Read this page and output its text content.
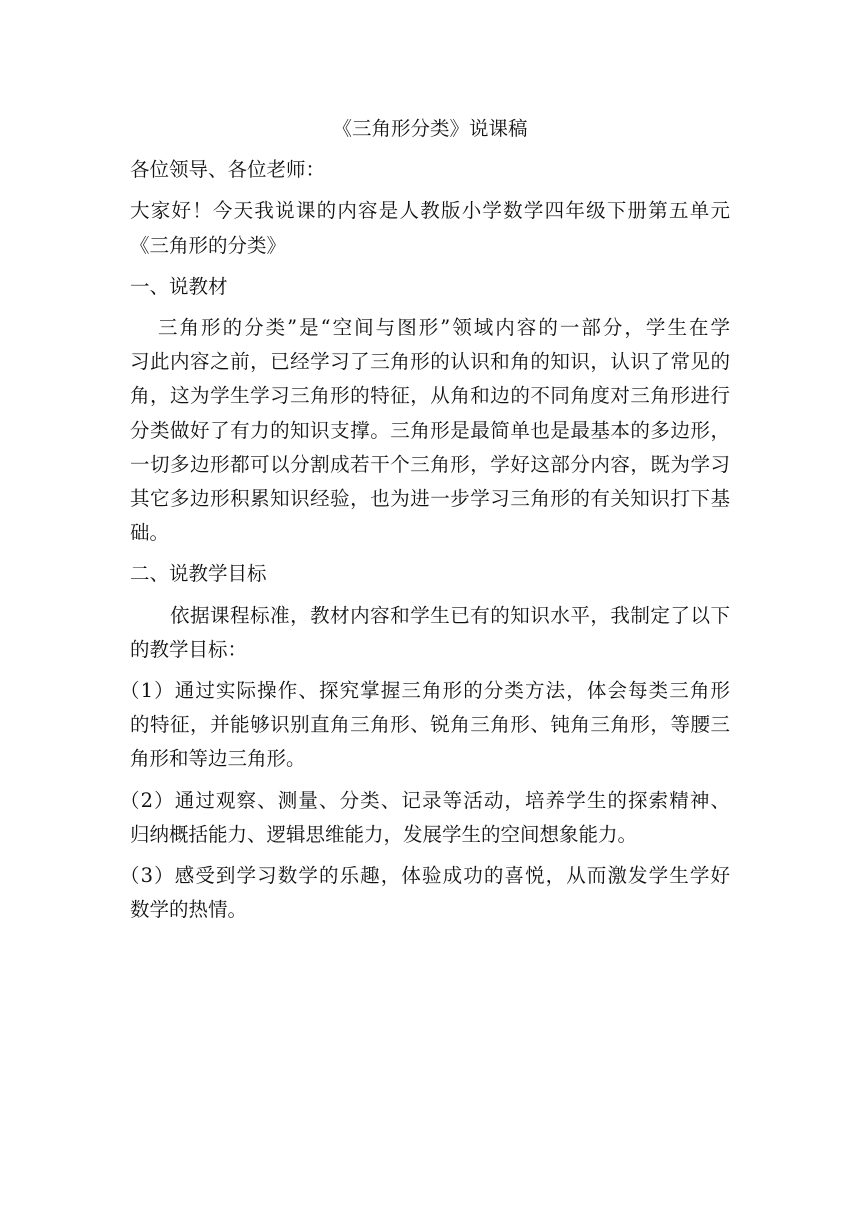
《三角形分类》说课稿
各位领导、各位老师：
大家好！今天我说课的内容是人教版小学数学四年级下册第五单元
《三角形的分类》
一、说教材
三角形的分类”是“空间与图形”领域内容的一部分，学生在学
习此内容之前，已经学习了三角形的认识和角的知识，认识了常见的
角，这为学生学习三角形的特征，从角和边的不同角度对三角形进行
分类做好了有力的知识支撑。三角形是最简单也是最基本的多边形，
一切多边形都可以分割成若干个三角形，学好这部分内容，既为学习
其它多边形积累知识经验，也为进一步学习三角形的有关知识打下基
础。
二、说教学目标
依据课程标准，教材内容和学生已有的知识水平，我制定了以下
的教学目标：
（1）通过实际操作、探究掌握三角形的分类方法，体会每类三角形
的特征，并能够识别直角三角形、锐角三角形、钝角三角形，等腰三
角形和等边三角形。
（2）通过观察、测量、分类、记录等活动，培养学生的探索精神、
归纳概括能力、逻辑思维能力，发展学生的空间想象能力。
（3）感受到学习数学的乐趣，体验成功的喜悦，从而激发学生学好
数学的热情。
